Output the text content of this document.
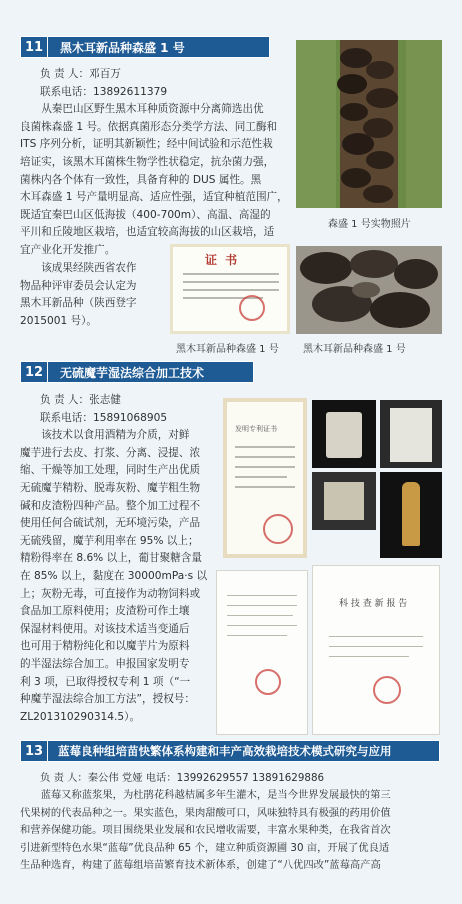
11	黑木耳新品种森盛 1 号

负 责 人：邓百万

联系电话：13892611379

从秦巴山区野生黑木耳种质资源中分离筛选出优

良菌株森盛 1 号。依据真菌形态分类学方法、同工酶和

ITS 序列分析，证明其新颖性；经中间试验和示范性栽

培证实，该黑木耳菌株生物学性状稳定，抗杂菌力强，

菌株内各个体有一致性，具备育种的 DUS 属性。黑

木耳森盛 1 号产量明显高、适应性强，适宜种植范围广，

既适宜秦巴山区低海拔（400-700m）、高温、高湿的

平川和丘陵地区栽培，也适宜较高海拔的山区栽培，适

宜产业化开发推广。

该成果经陕西省农作

物品种评审委员会认定为

黑木耳新品种（陕西登字

2015001 号）。

森盛 1 号实物照片
证 书
黑木耳新品种森盛 1 号 黑木耳新品种森盛 1 号
12	无硫魔芋湿法综合加工技术

负 责 人：张志健

联系电话：15891068905

该技术以食用酒精为介质，对鲜

魔芋进行去皮、打浆、分离、浸提、浓

缩、干燥等加工处理，同时生产出优质

无硫魔芋精粉、脱毒灰粉、魔芋粗生物

碱和皮渣粉四种产品。整个加工过程不

使用任何合硫试剂，无环境污染，产品

无硫残留，魔芋利用率在 95% 以上；

精粉得率在 8.6% 以上，葡甘聚糖含量

在 85% 以上，黏度在 30000mPa·s 以

上；灰粉无毒，可直接作为动物饲料或

食品加工原料使用；皮渣粉可作土壤

保湿材料使用。对该技术适当变通后

也可用于精粉纯化和以魔芋片为原料

的半湿法综合加工。申报国家发明专

利 3 项，已取得授权专利 1 项（“一

种魔芋湿法综合加工方法”，授权号：

ZL201310290314.5）。

发明专利证书
科 技 查 新 报 告
13	蓝莓良种组培苗快繁体系构建和丰产高效栽培技术模式研究与应用

负 责 人：秦公伟 党娅 电话：13992629557 13891629886

蓝莓又称蓝浆果，为杜鹃花科越桔属多年生灌木，是当今世界发展最快的第三

代果树的代表品种之一。果实蓝色，果肉甜酸可口，风味独特具有极强的药用价值

和营养保健功能。项目围绕果业发展和农民增收需要，丰富水果种类，在我省首次

引进新型特色水果“蓝莓”优良品种 65 个，建立种质资源圃 30 亩，开展了优良适

生品种选育，构建了蓝莓组培苗繁育技术新体系，创建了“八优四改”蓝莓高产高
